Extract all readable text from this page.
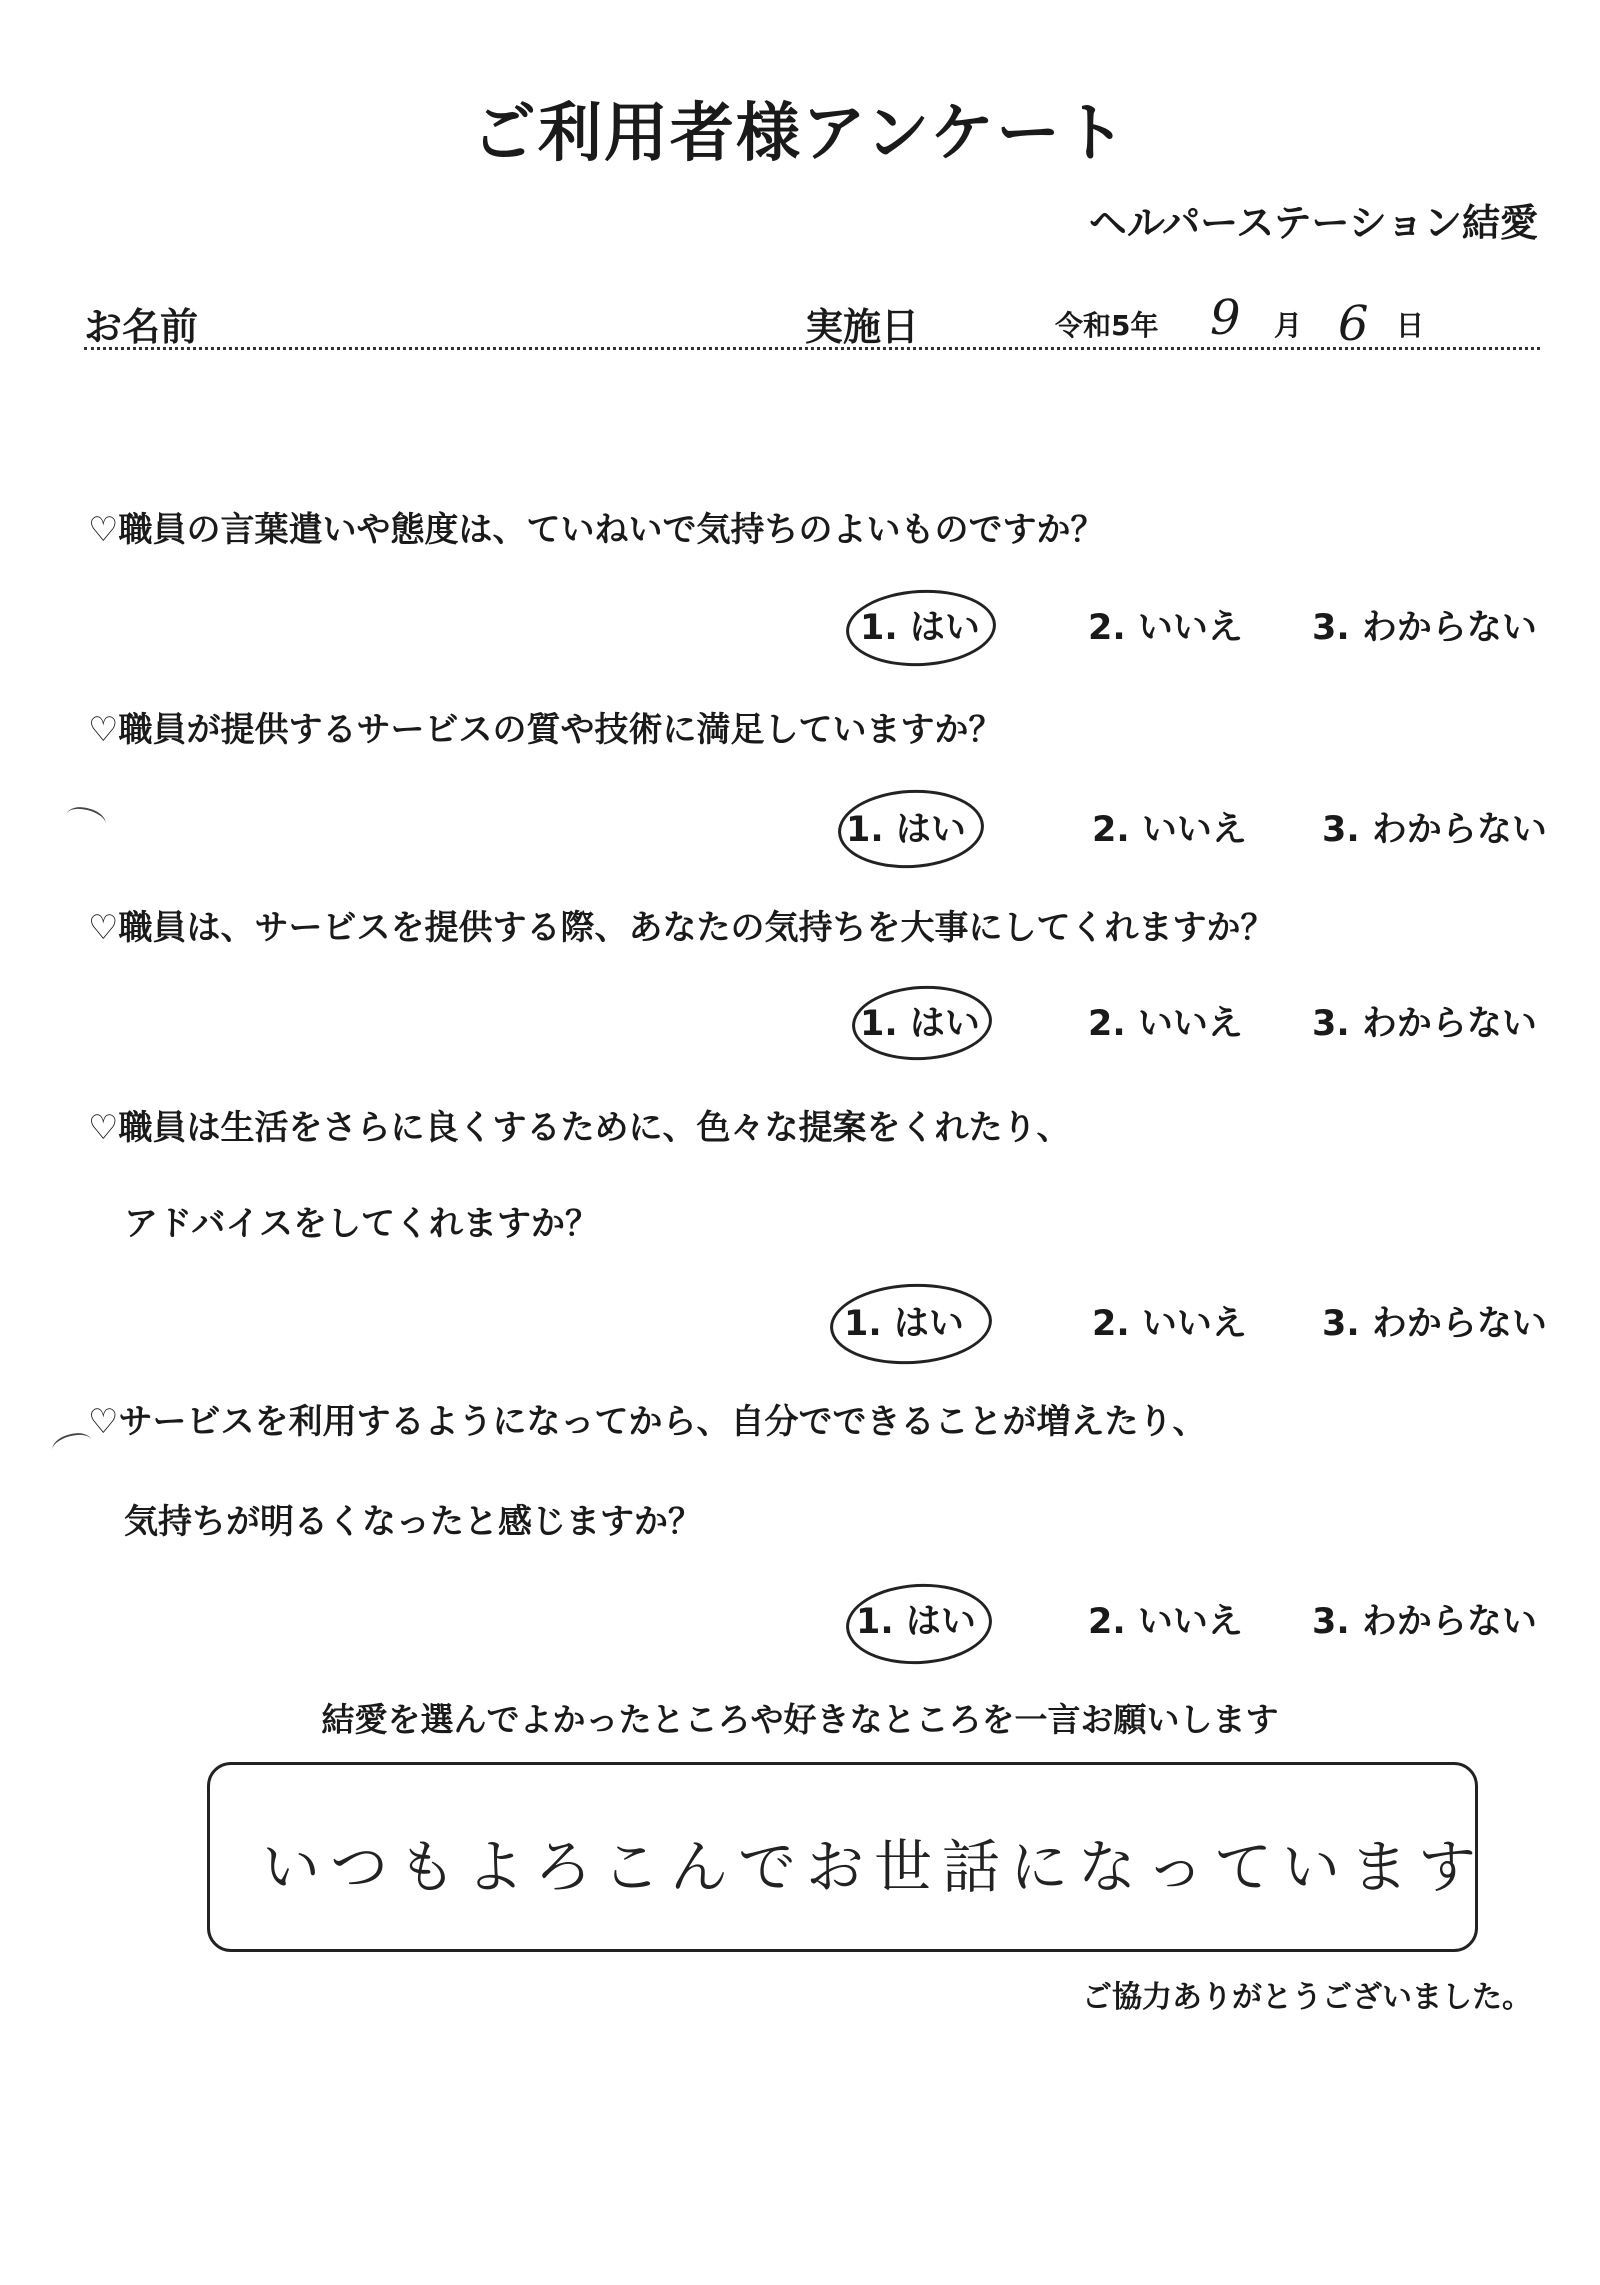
ご利用者様アンケート
ヘルパーステーション結愛
お名前	実施日	令和5年 9 月 6 日
♡職員の言葉遣いや態度は、ていねいで気持ちのよいものですか？
1. はい	2. いいえ 3. わからない
♡職員が提供するサービスの質や技術に満足していますか？
1. はい	2. いいえ 3. わからない
♡職員は、サービスを提供する際、あなたの気持ちを大事にしてくれますか？
1. はい	2. いいえ 3. わからない
♡職員は生活をさらに良くするために、色々な提案をくれたり、
アドバイスをしてくれますか？
1. はい	2. いいえ 3. わからない
♡サービスを利用するようになってから、自分でできることが増えたり、
気持ちが明るくなったと感じますか？
1. はい	2. いいえ 3. わからない
結愛を選んでよかったところや好きなところを一言お願いします
いつもよろこんでお世話になっています
ご協力ありがとうございました。
